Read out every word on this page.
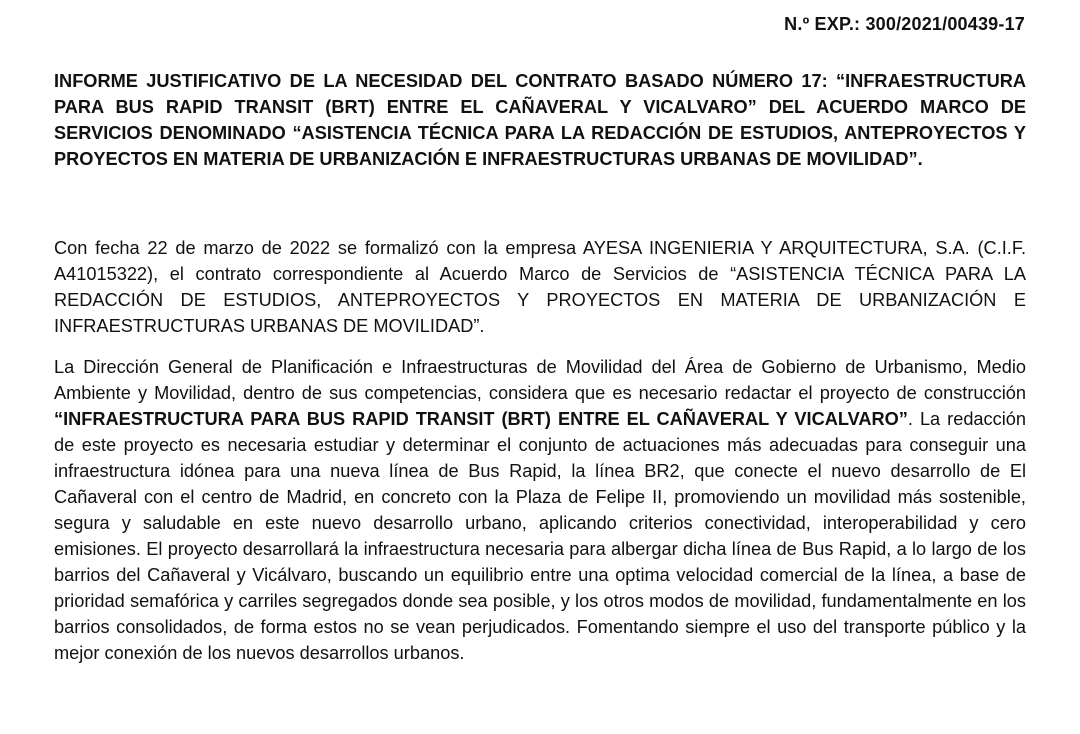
N.º EXP.: 300/2021/00439-17
INFORME JUSTIFICATIVO DE LA NECESIDAD DEL CONTRATO BASADO NÚMERO 17: “INFRAESTRUCTURA PARA BUS RAPID TRANSIT (BRT) ENTRE EL CAÑAVERAL Y VICALVARO” DEL ACUERDO MARCO DE SERVICIOS DENOMINADO “ASISTENCIA TÉCNICA PARA LA REDACCIÓN DE ESTUDIOS, ANTEPROYECTOS Y PROYECTOS EN MATERIA DE URBANIZACIÓN E INFRAESTRUCTURAS URBANAS DE MOVILIDAD”.
Con fecha 22 de marzo de 2022 se formalizó con la empresa AYESA INGENIERIA Y ARQUITECTURA, S.A. (C.I.F. A41015322), el contrato correspondiente al Acuerdo Marco de Servicios de “ASISTENCIA TÉCNICA PARA LA REDACCIÓN DE ESTUDIOS, ANTEPROYECTOS Y PROYECTOS EN MATERIA DE URBANIZACIÓN E INFRAESTRUCTURAS URBANAS DE MOVILIDAD”.
La Dirección General de Planificación e Infraestructuras de Movilidad del Área de Gobierno de Urbanismo, Medio Ambiente y Movilidad, dentro de sus competencias, considera que es necesario redactar el proyecto de construcción “INFRAESTRUCTURA PARA BUS RAPID TRANSIT (BRT) ENTRE EL CAÑAVERAL Y VICALVARO”. La redacción de este proyecto es necesaria estudiar y determinar el conjunto de actuaciones más adecuadas para conseguir una infraestructura idónea para una nueva línea de Bus Rapid, la línea BR2, que conecte el nuevo desarrollo de El Cañaveral con el centro de Madrid, en concreto con la Plaza de Felipe II, promoviendo un movilidad más sostenible, segura y saludable en este nuevo desarrollo urbano, aplicando criterios conectividad, interoperabilidad y cero emisiones. El proyecto desarrollará la infraestructura necesaria para albergar dicha línea de Bus Rapid, a lo largo de los barrios del Cañaveral y Vicálvaro, buscando un equilibrio entre una optima velocidad comercial de la línea, a base de prioridad semafórica y carriles segregados donde sea posible, y los otros modos de movilidad, fundamentalmente en los barrios consolidados, de forma estos no se vean perjudicados. Fomentando siempre el uso del transporte público y la mejor conexión de los nuevos desarrollos urbanos.
